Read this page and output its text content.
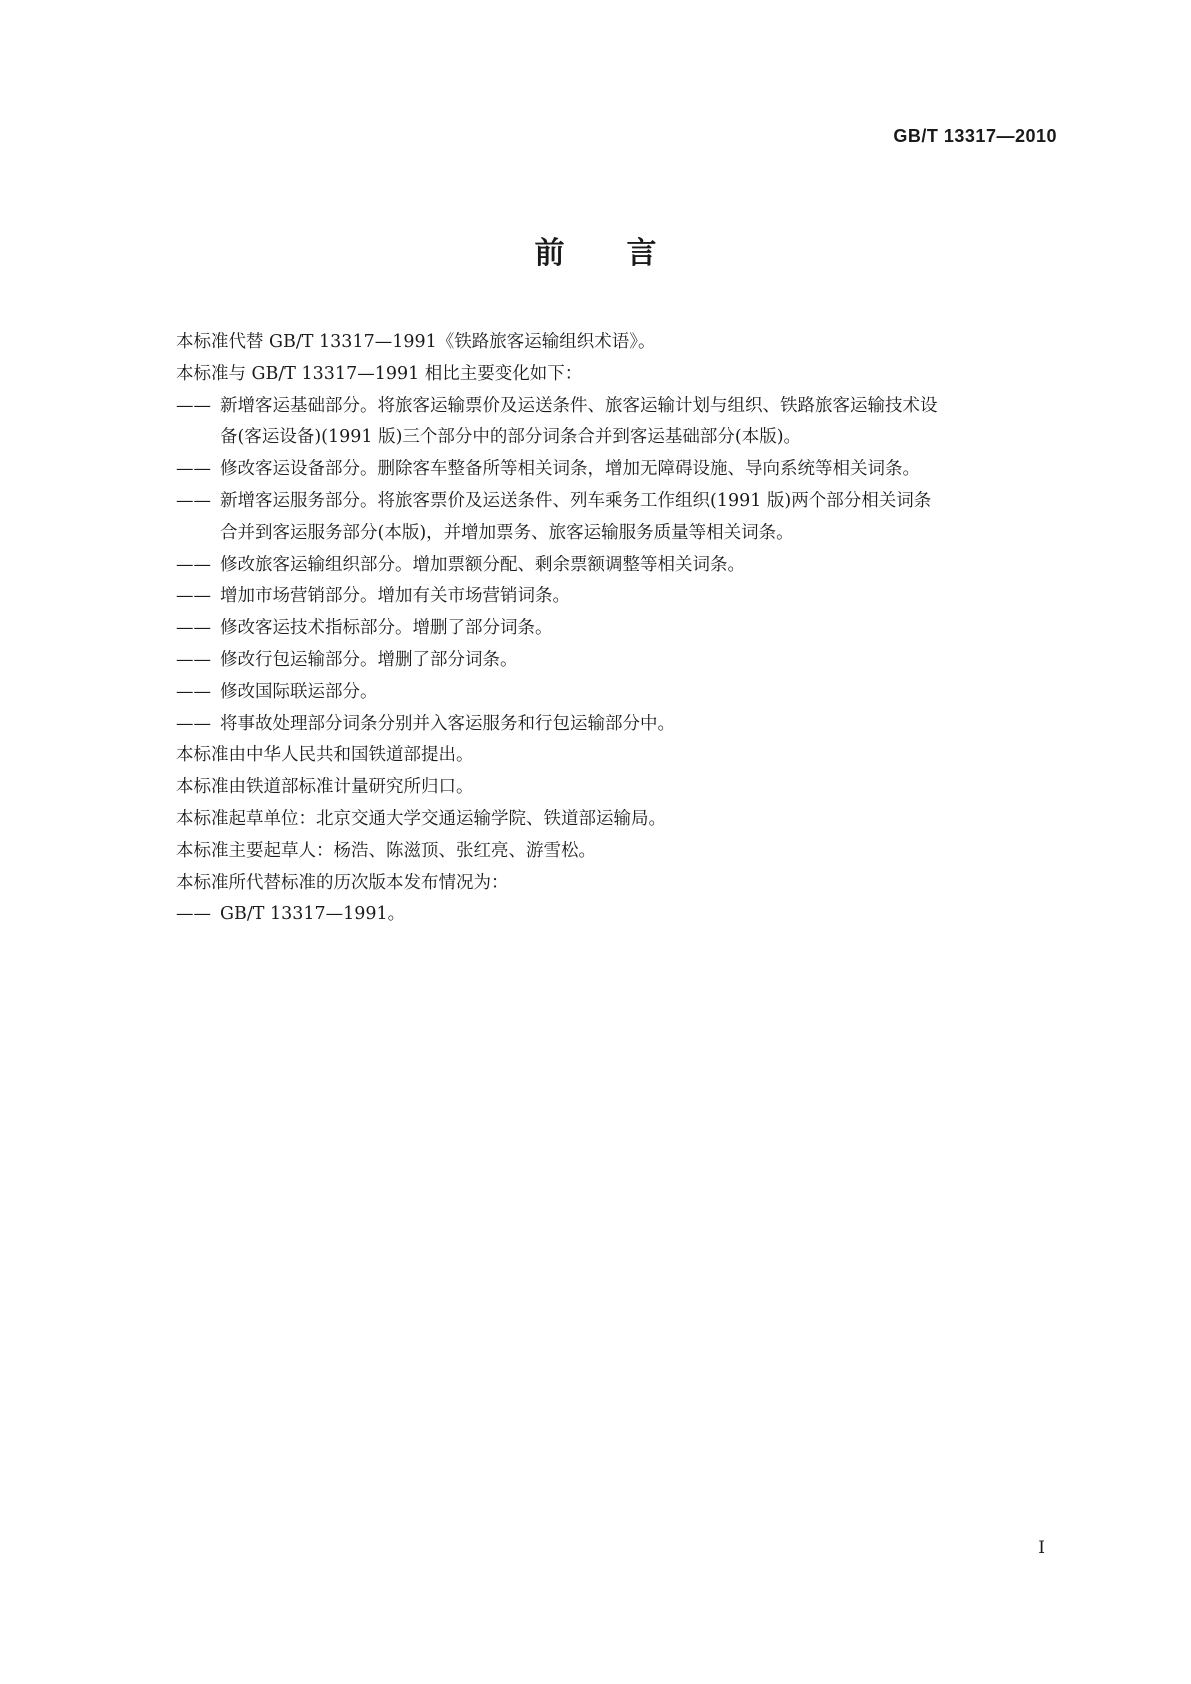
GB/T 13317—2010
前言
本标准代替 GB/T 13317—1991《铁路旅客运输组织术语》。
本标准与 GB/T 13317—1991 相比主要变化如下：
—— 新增客运基础部分。将旅客运输票价及运送条件、旅客运输计划与组织、铁路旅客运输技术设
备(客运设备)(1991 版)三个部分中的部分词条合并到客运基础部分(本版)。
—— 修改客运设备部分。删除客车整备所等相关词条，增加无障碍设施、导向系统等相关词条。
—— 新增客运服务部分。将旅客票价及运送条件、列车乘务工作组织(1991 版)两个部分相关词条
合并到客运服务部分(本版)，并增加票务、旅客运输服务质量等相关词条。
—— 修改旅客运输组织部分。增加票额分配、剩余票额调整等相关词条。
—— 增加市场营销部分。增加有关市场营销词条。
—— 修改客运技术指标部分。增删了部分词条。
—— 修改行包运输部分。增删了部分词条。
—— 修改国际联运部分。
—— 将事故处理部分词条分别并入客运服务和行包运输部分中。
本标准由中华人民共和国铁道部提出。
本标准由铁道部标准计量研究所归口。
本标准起草单位：北京交通大学交通运输学院、铁道部运输局。
本标准主要起草人：杨浩、陈滋顶、张红亮、游雪松。
本标准所代替标准的历次版本发布情况为：
—— GB/T 13317—1991。
I
